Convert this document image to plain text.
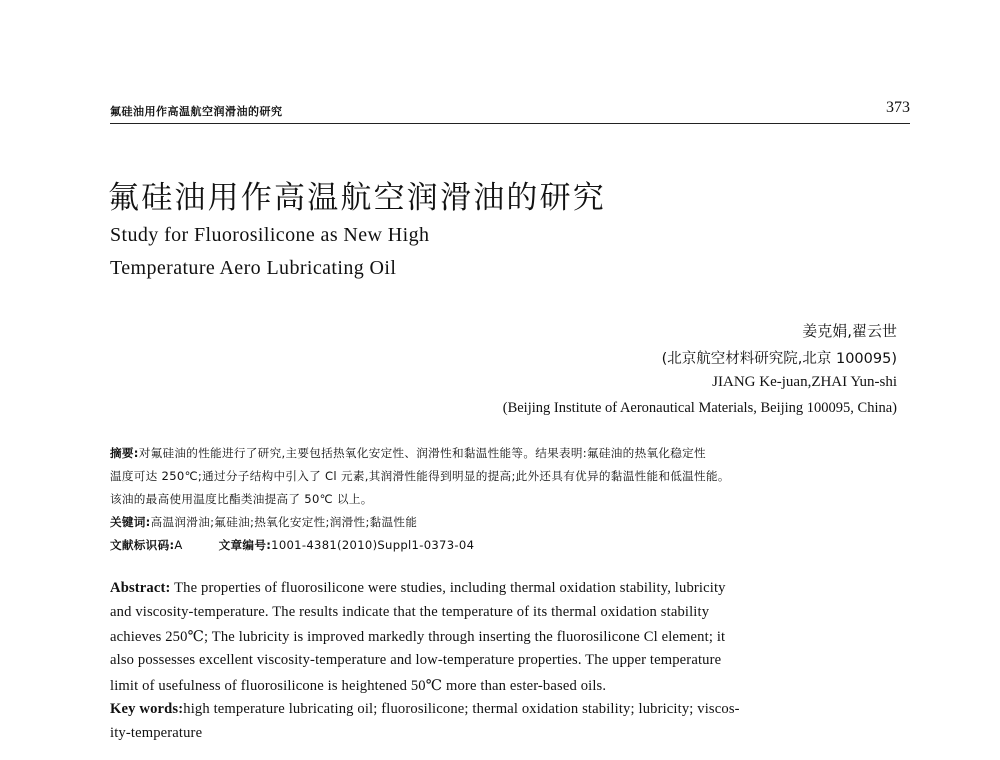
氟硅油用作高温航空润滑油的研究	373
氟硅油用作高温航空润滑油的研究
Study for Fluorosilicone as New High
Temperature Aero Lubricating Oil
姜克娟,翟云世
(北京航空材料研究院,北京 100095)
JIANG Ke-juan,ZHAI Yun-shi
(Beijing Institute of Aeronautical Materials, Beijing 100095, China)
摘要:对氟硅油的性能进行了研究,主要包括热氧化安定性、润滑性和黏温性能等。结果表明:氟硅油的热氧化稳定性
温度可达 250℃;通过分子结构中引入了 Cl 元素,其润滑性能得到明显的提高;此外还具有优异的黏温性能和低温性能。
该油的最高使用温度比酯类油提高了 50℃ 以上。
关键词:高温润滑油;氟硅油;热氧化安定性;润滑性;黏温性能
文献标识码:A	文章编号:1001-4381(2010)Suppl1-0373-04
Abstract: The properties of fluorosilicone were studies, including thermal oxidation stability, lubricity
and viscosity-temperature. The results indicate that the temperature of its thermal oxidation stability
achieves 250℃; The lubricity is improved markedly through inserting the fluorosilicone Cl element; it
also possesses excellent viscosity-temperature and low-temperature properties. The upper temperature
limit of usefulness of fluorosilicone is heightened 50℃ more than ester-based oils.
Key words:high temperature lubricating oil; fluorosilicone; thermal oxidation stability; lubricity; viscos-
ity-temperature
